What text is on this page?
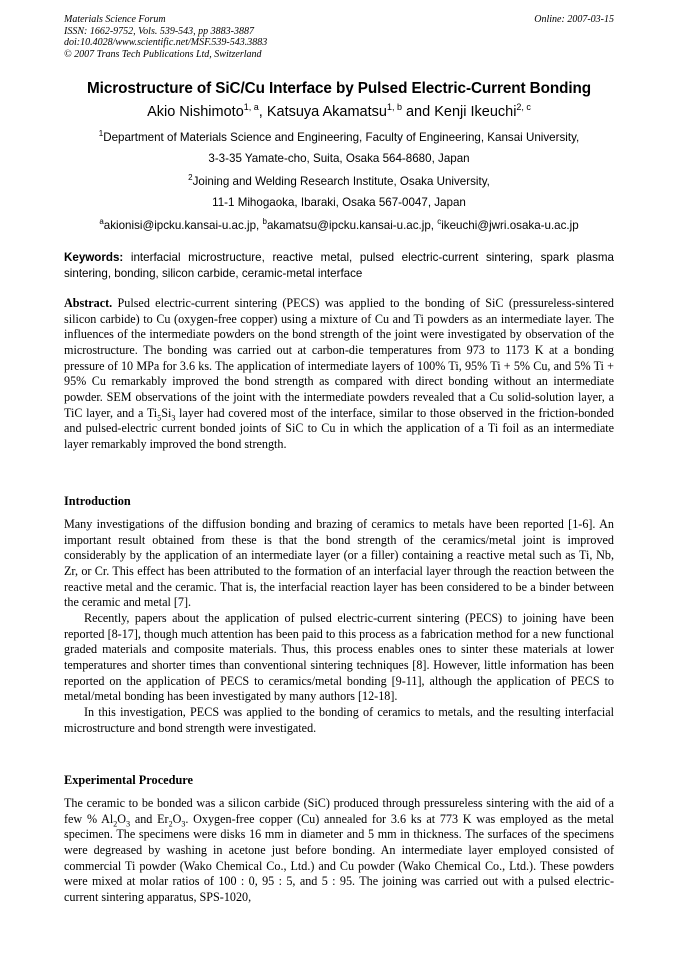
Materials Science Forum
ISSN: 1662-9752, Vols. 539-543, pp 3883-3887
doi:10.4028/www.scientific.net/MSF.539-543.3883
© 2007 Trans Tech Publications Ltd, Switzerland
Online: 2007-03-15
Microstructure of SiC/Cu Interface by Pulsed Electric-Current Bonding
Akio Nishimoto$^{1, a}$, Katsuya Akamatsu$^{1, b}$ and Kenji Ikeuchi$^{2, c}$
$^1$Department of Materials Science and Engineering, Faculty of Engineering, Kansai University,
3-3-35 Yamate-cho, Suita, Osaka 564-8680, Japan
$^2$Joining and Welding Research Institute, Osaka University,
11-1 Mihogaoka, Ibaraki, Osaka 567-0047, Japan
$^a$akionisi@ipcku.kansai-u.ac.jp, $^b$akamatsu@ipcku.kansai-u.ac.jp, $^c$ikeuchi@jwri.osaka-u.ac.jp
Keywords: interfacial microstructure, reactive metal, pulsed electric-current sintering, spark plasma sintering, bonding, silicon carbide, ceramic-metal interface

Abstract. Pulsed electric-current sintering (PECS) was applied to the bonding of SiC (pressureless-sintered silicon carbide) to Cu (oxygen-free copper) using a mixture of Cu and Ti powders as an intermediate layer. The influences of the intermediate powders on the bond strength of the joint were investigated by observation of the microstructure. The bonding was carried out at carbon-die temperatures from 973 to 1173 K at a bonding pressure of 10 MPa for 3.6 ks. The application of intermediate layers of 100% Ti, 95% Ti + 5% Cu, and 5% Ti + 95% Cu remarkably improved the bond strength as compared with direct bonding without an intermediate powder. SEM observations of the joint with the intermediate powders revealed that a Cu solid-solution layer, a TiC layer, and a $Ti_5Si_3$ layer had covered most of the interface, similar to those observed in the friction-bonded and pulsed-electric current bonded joints of SiC to Cu in which the application of a Ti foil as an intermediate layer remarkably improved the bond strength.

Introduction

Many investigations of the diffusion bonding and brazing of ceramics to metals have been reported [1-6]. An important result obtained from these is that the bond strength of the ceramics/metal joint is improved considerably by the application of an intermediate layer (or a filler) containing a reactive metal such as Ti, Nb, Zr, or Cr. This effect has been attributed to the formation of an interfacial layer through the reaction between the reactive metal and the ceramic. That is, the interfacial reaction layer has been considered to be a binder between the ceramic and metal [7].

Recently, papers about the application of pulsed electric-current sintering (PECS) to joining have been reported [8-17], though much attention has been paid to this process as a fabrication method for a new functional graded materials and composite materials. Thus, this process enables ones to sinter these materials at lower temperatures and shorter times than conventional sintering techniques [8]. However, little information has been reported on the application of PECS to ceramics/metal bonding [9-11], although the application of PECS to metal/metal bonding has been investigated by many authors [12-18].

In this investigation, PECS was applied to the bonding of ceramics to metals, and the resulting interfacial microstructure and bond strength were investigated.

Experimental Procedure

The ceramic to be bonded was a silicon carbide (SiC) produced through pressureless sintering with the aid of a few % $Al_2O_3$ and $Er_2O_3$. Oxygen-free copper (Cu) annealed for 3.6 ks at 773 K was employed as the metal specimen. The specimens were disks 16 mm in diameter and 5 mm in thickness. The surfaces of the specimens were degreased by washing in acetone just before bonding. An intermediate layer employed consisted of commercial Ti powder (Wako Chemical Co., Ltd.) and Cu powder (Wako Chemical Co., Ltd.). These powders were mixed at molar ratios of 100 : 0, 95 : 5, and 5 : 95. The joining was carried out with a pulsed electric-current sintering apparatus, SPS-1020,
